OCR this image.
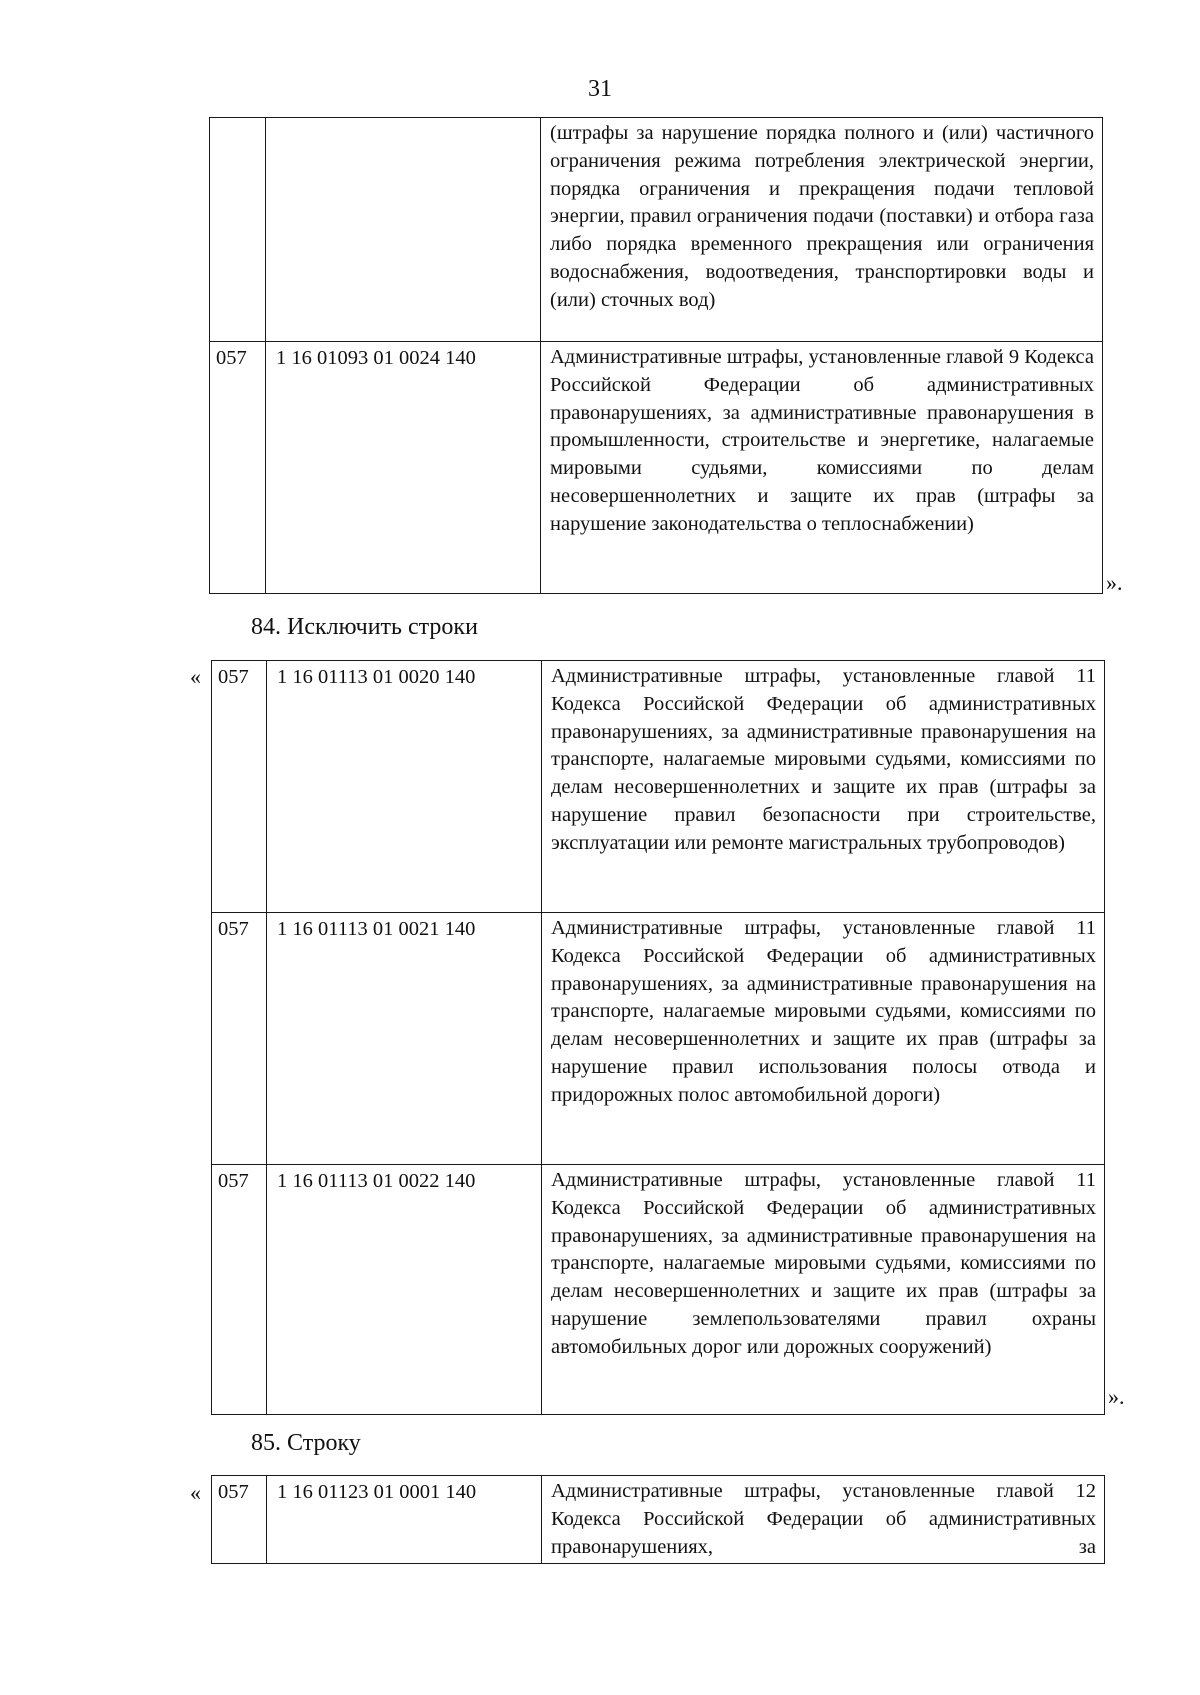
31
		(штрафы за нарушение порядка полного и (или) частичного ограничения режима потребления электрической энергии, порядка ограничения и прекращения подачи тепловой энергии, правил ограничения подачи (поставки) и отбора газа либо порядка временного прекращения или ограничения водоснабжения, водоотведения, транспортировки воды и (или) сточных вод)
057	1 16 01093 01 0024 140	Административные штрафы, установленные главой 9 Кодекса Российской Федерации об административных правонарушениях, за административные правонарушения в промышленности, строительстве и энергетике, налагаемые мировыми судьями, комиссиями по делам несовершеннолетних и защите их прав (штрафы за нарушение законодательства о теплоснабжении)
».
84. Исключить строки
« 057	1 16 01113 01 0020 140	Административные штрафы, установленные главой 11 Кодекса Российской Федерации об административных правонарушениях, за административные правонарушения на транспорте, налагаемые мировыми судьями, комиссиями по делам несовершеннолетних и защите их прав (штрафы за нарушение правил безопасности при строительстве, эксплуатации или ремонте магистральных трубопроводов)
057	1 16 01113 01 0021 140	Административные штрафы, установленные главой 11 Кодекса Российской Федерации об административных правонарушениях, за административные правонарушения на транспорте, налагаемые мировыми судьями, комиссиями по делам несовершеннолетних и защите их прав (штрафы за нарушение правил использования полосы отвода и придорожных полос автомобильной дороги)
057	1 16 01113 01 0022 140	Административные штрафы, установленные главой 11 Кодекса Российской Федерации об административных правонарушениях, за административные правонарушения на транспорте, налагаемые мировыми судьями, комиссиями по делам несовершеннолетних и защите их прав (штрафы за нарушение землепользователями правил охраны автомобильных дорог или дорожных сооружений)
».
85. Строку
« 057	1 16 01123 01 0001 140	Административные штрафы, установленные главой 12 Кодекса Российской Федерации об административных правонарушениях, за
